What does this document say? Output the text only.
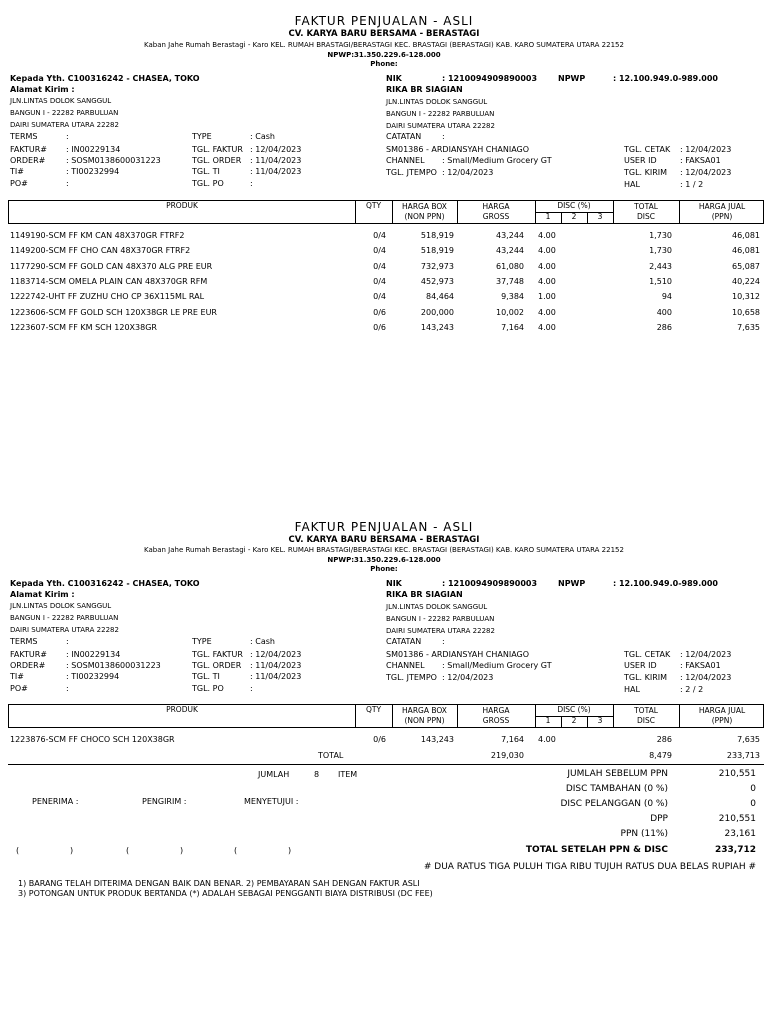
FAKTUR PENJUALAN - ASLI
CV. KARYA BARU BERSAMA - BERASTAGI
Kaban Jahe Rumah Berastagi - Karo KEL. RUMAH BRASTAGI/BERASTAGI KEC. BRASTAGI (BERASTAGI) KAB. KARO SUMATERA UTARA 22152
NPWP:31.350.229.6-128.000
Phone:
Kepada Yth. C100316242 - CHASEA, TOKO
Alamat Kirim :
JLN.LINTAS DOLOK SANGGUL
BANGUN I - 22282 PARBULUAN
DAIRI SUMATERA UTARA 22282
NIK	: 1210094909890003	NPWP	: 12.100.949.0-989.000
RIKA BR SIAGIAN
JLN.LINTAS DOLOK SANGGUL
BANGUN I - 22282 PARBULUAN
DAIRI SUMATERA UTARA 22282
CATATAN	:
TERMS	:	TYPE	: Cash
FAKTUR# : IN00229134
ORDER#	: SOSM0138600031223
TI#	: TI00232994
PO#	:
TGL. FAKTUR : 12/04/2023
TGL. ORDER : 11/04/2023
TGL. TI	: 11/04/2023
TGL. PO	:
SM01386 - ARDIANSYAH CHANIAGO
CHANNEL : Small/Medium Grocery GT
TGL. JTEMPO : 12/04/2023
TGL. CETAK : 12/04/2023
USER ID	: FAKSA01
TGL. KIRIM : 12/04/2023
HAL	: 1 / 2
PRODUK	QTY	HARGA BOX
(NON PPN)
HARGA
GROSS
DISC (%)
1	2	3
TOTAL
DISC
HARGA JUAL
(PPN)
1149190-SCM FF KM CAN 48X370GR FTRF2	0/4	518,919	43,244 4.00	1,730	46,081
1149200-SCM FF CHO CAN 48X370GR FTRF2	0/4	518,919	43,244 4.00	1,730	46,081
1177290-SCM FF GOLD CAN 48X370 ALG PRE EUR	0/4	732,973	61,080 4.00	2,443	65,087
1183714-SCM OMELA PLAIN CAN 48X370GR RFM	0/4	452,973	37,748 4.00	1,510	40,224
1222742-UHT FF ZUZHU CHO CP 36X115ML RAL	0/4	84,464	9,384 1.00	94	10,312
1223606-SCM FF GOLD SCH 120X38GR LE PRE EUR	0/6	200,000	10,002 4.00	400	10,658
1223607-SCM FF KM SCH 120X38GR	0/6	143,243	7,164 4.00	286	7,635
FAKTUR PENJUALAN - ASLI
CV. KARYA BARU BERSAMA - BERASTAGI
Kaban Jahe Rumah Berastagi - Karo KEL. RUMAH BRASTAGI/BERASTAGI KEC. BRASTAGI (BERASTAGI) KAB. KARO SUMATERA UTARA 22152
NPWP:31.350.229.6-128.000
Phone:
Kepada Yth. C100316242 - CHASEA, TOKO
Alamat Kirim :
JLN.LINTAS DOLOK SANGGUL
BANGUN I - 22282 PARBULUAN
DAIRI SUMATERA UTARA 22282
NIK	: 1210094909890003	NPWP	: 12.100.949.0-989.000
RIKA BR SIAGIAN
JLN.LINTAS DOLOK SANGGUL
BANGUN I - 22282 PARBULUAN
DAIRI SUMATERA UTARA 22282
CATATAN	:
TERMS	:	TYPE	: Cash
FAKTUR# : IN00229134
ORDER#	: SOSM0138600031223
TI#	: TI00232994
PO#	:
TGL. FAKTUR : 12/04/2023
TGL. ORDER : 11/04/2023
TGL. TI	: 11/04/2023
TGL. PO	:
SM01386 - ARDIANSYAH CHANIAGO
CHANNEL : Small/Medium Grocery GT
TGL. JTEMPO : 12/04/2023
TGL. CETAK : 12/04/2023
USER ID	: FAKSA01
TGL. KIRIM : 12/04/2023
HAL	: 2 / 2
PRODUK	QTY	HARGA BOX
(NON PPN)
HARGA
GROSS
DISC (%)
1	2	3
TOTAL
DISC
HARGA JUAL
(PPN)
1223876-SCM FF CHOCO SCH 120X38GR	0/6	143,243	7,164 4.00	286	7,635
TOTAL	219,030	8,479	233,713
JUMLAH	8 ITEM
PENERIMA :	PENGIRIM :	MENYETUJUI :
(                    )	(                    )	(                    )
JUMLAH SEBELUM PPN	210,551
DISC TAMBAHAN (0 %)	0
DISC PELANGGAN (0 %)	0
DPP	210,551
PPN (11%)	23,161
TOTAL SETELAH PPN & DISC	233,712
# DUA RATUS TIGA PULUH TIGA RIBU TUJUH RATUS DUA BELAS RUPIAH #
1) BARANG TELAH DITERIMA DENGAN BAIK DAN BENAR. 2) PEMBAYARAN SAH DENGAN FAKTUR ASLI
3) POTONGAN UNTUK PRODUK BERTANDA (*) ADALAH SEBAGAI PENGGANTI BIAYA DISTRIBUSI (DC FEE)
